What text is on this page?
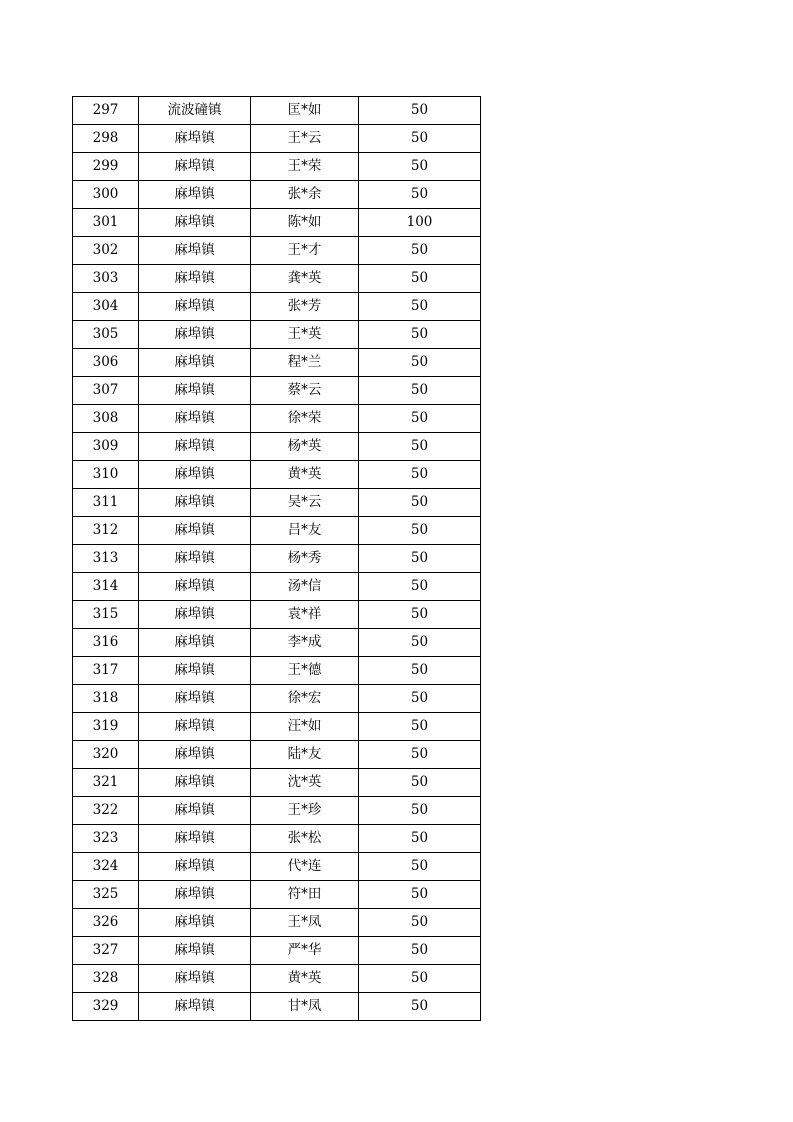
297	流波䃥镇	匡*如	50
298	麻埠镇	王*云	50
299	麻埠镇	王*荣	50
300	麻埠镇	张*余	50
301	麻埠镇	陈*如	100
302	麻埠镇	王*才	50
303	麻埠镇	龚*英	50
304	麻埠镇	张*芳	50
305	麻埠镇	王*英	50
306	麻埠镇	程*兰	50
307	麻埠镇	蔡*云	50
308	麻埠镇	徐*荣	50
309	麻埠镇	杨*英	50
310	麻埠镇	黄*英	50
311	麻埠镇	吴*云	50
312	麻埠镇	吕*友	50
313	麻埠镇	杨*秀	50
314	麻埠镇	汤*信	50
315	麻埠镇	袁*祥	50
316	麻埠镇	李*成	50
317	麻埠镇	王*德	50
318	麻埠镇	徐*宏	50
319	麻埠镇	汪*如	50
320	麻埠镇	陆*友	50
321	麻埠镇	沈*英	50
322	麻埠镇	王*珍	50
323	麻埠镇	张*松	50
324	麻埠镇	代*连	50
325	麻埠镇	符*田	50
326	麻埠镇	王*凤	50
327	麻埠镇	严*华	50
328	麻埠镇	黄*英	50
329	麻埠镇	甘*凤	50
